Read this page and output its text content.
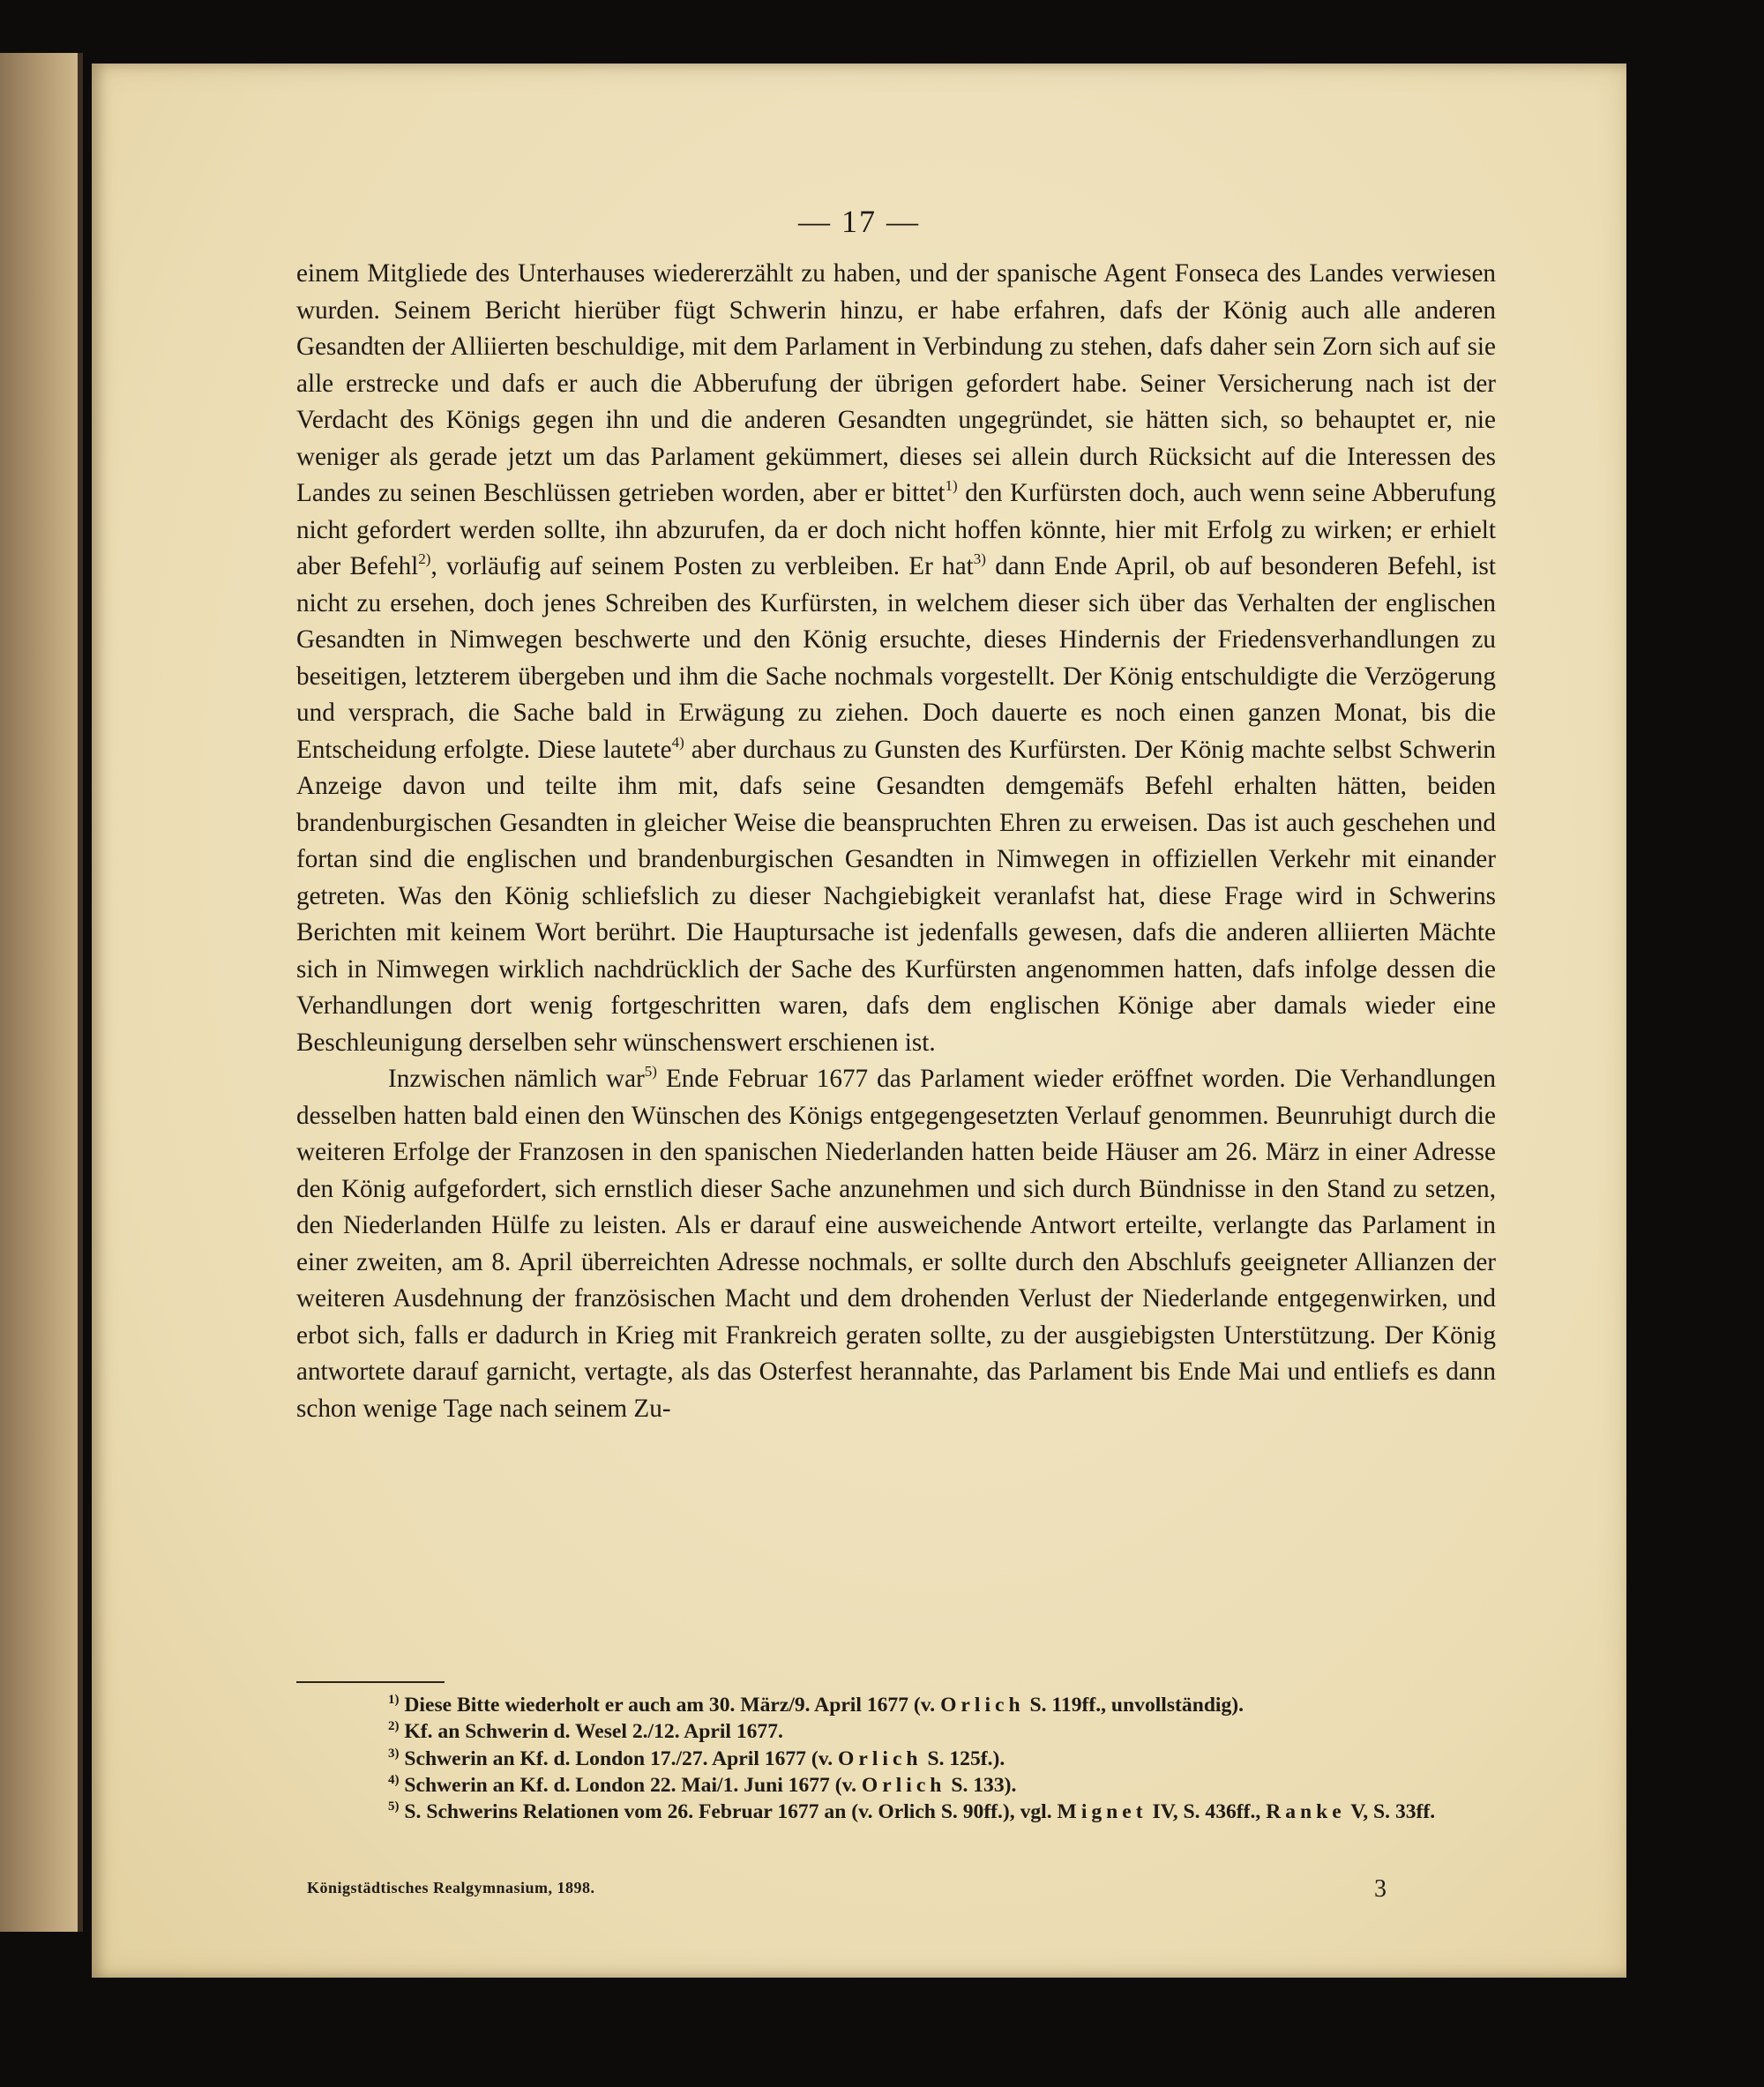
— 17 —

einem Mitgliede des Unterhauses wiedererzählt zu haben, und der spanische Agent Fonseca des Landes verwiesen wurden. Seinem Bericht hierüber fügt Schwerin hinzu, er habe erfahren, dafs der König auch alle anderen Gesandten der Alliierten beschuldige, mit dem Parlament in Verbindung zu stehen, dafs daher sein Zorn sich auf sie alle erstrecke und dafs er auch die Abberufung der übrigen gefordert habe. Seiner Versicherung nach ist der Verdacht des Königs gegen ihn und die anderen Gesandten ungegründet, sie hätten sich, so behauptet er, nie weniger als gerade jetzt um das Parlament gekümmert, dieses sei allein durch Rücksicht auf die Interessen des Landes zu seinen Beschlüssen getrieben worden, aber er bittet$^{1)}$ den Kurfürsten doch, auch wenn seine Abberufung nicht gefordert werden sollte, ihn abzurufen, da er doch nicht hoffen könnte, hier mit Erfolg zu wirken; er erhielt aber Befehl$^{2)}$, vorläufig auf seinem Posten zu verbleiben. Er hat$^{3)}$ dann Ende April, ob auf besonderen Befehl, ist nicht zu ersehen, doch jenes Schreiben des Kurfürsten, in welchem dieser sich über das Verhalten der englischen Gesandten in Nimwegen beschwerte und den König ersuchte, dieses Hindernis der Friedensverhandlungen zu beseitigen, letzterem übergeben und ihm die Sache nochmals vorgestellt. Der König entschuldigte die Verzögerung und versprach, die Sache bald in Erwägung zu ziehen. Doch dauerte es noch einen ganzen Monat, bis die Entscheidung erfolgte. Diese lautete$^{4)}$ aber durchaus zu Gunsten des Kurfürsten. Der König machte selbst Schwerin Anzeige davon und teilte ihm mit, dafs seine Gesandten demgemäfs Befehl erhalten hätten, beiden brandenburgischen Gesandten in gleicher Weise die beanspruchten Ehren zu erweisen. Das ist auch geschehen und fortan sind die englischen und brandenburgischen Gesandten in Nimwegen in offiziellen Verkehr mit einander getreten. Was den König schliefslich zu dieser Nachgiebigkeit veranlafst hat, diese Frage wird in Schwerins Berichten mit keinem Wort berührt. Die Hauptursache ist jedenfalls gewesen, dafs die anderen alliierten Mächte sich in Nimwegen wirklich nachdrücklich der Sache des Kurfürsten angenommen hatten, dafs infolge dessen die Verhandlungen dort wenig fortgeschritten waren, dafs dem englischen Könige aber damals wieder eine Beschleunigung derselben sehr wünschenswert erschienen ist.

Inzwischen nämlich war$^{5)}$ Ende Februar 1677 das Parlament wieder eröffnet worden. Die Verhandlungen desselben hatten bald einen den Wünschen des Königs entgegengesetzten Verlauf genommen. Beunruhigt durch die weiteren Erfolge der Franzosen in den spanischen Niederlanden hatten beide Häuser am 26. März in einer Adresse den König aufgefordert, sich ernstlich dieser Sache anzunehmen und sich durch Bündnisse in den Stand zu setzen, den Niederlanden Hülfe zu leisten. Als er darauf eine ausweichende Antwort erteilte, verlangte das Parlament in einer zweiten, am 8. April überreichten Adresse nochmals, er sollte durch den Abschlufs geeigneter Allianzen der weiteren Ausdehnung der französischen Macht und dem drohenden Verlust der Niederlande entgegenwirken, und erbot sich, falls er dadurch in Krieg mit Frankreich geraten sollte, zu der ausgiebigsten Unterstützung. Der König antwortete darauf garnicht, vertagte, als das Osterfest herannahte, das Parlament bis Ende Mai und entliefs es dann schon wenige Tage nach seinem Zu-

$^{1)}$ Diese Bitte wiederholt er auch am 30. März/9. April 1677 (v. Orlich S. 119ff., unvollständig).

$^{2)}$ Kf. an Schwerin d. Wesel 2./12. April 1677.

$^{3)}$ Schwerin an Kf. d. London 17./27. April 1677 (v. Orlich S. 125f.).

$^{4)}$ Schwerin an Kf. d. London 22. Mai/1. Juni 1677 (v. Orlich S. 133).

$^{5)}$ S. Schwerins Relationen vom 26. Februar 1677 an (v. Orlich S. 90ff.), vgl. Mignet IV, S. 436ff., Ranke V, S. 33ff.

Königstädtisches Realgymnasium, 1898.	3
